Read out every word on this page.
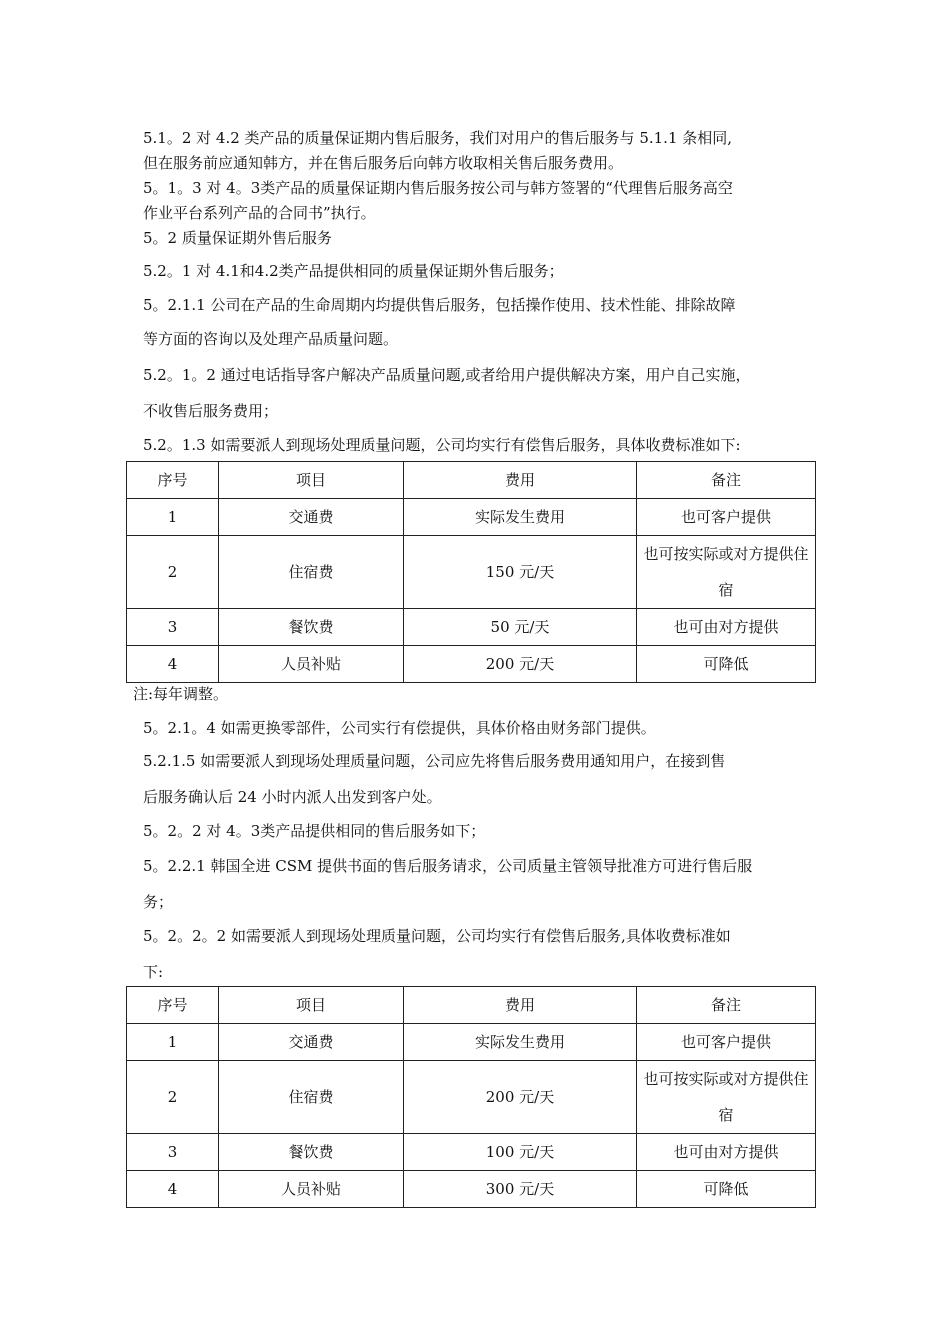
5.1。2 对 4.2 类产品的质量保证期内售后服务，我们对用户的售后服务与 5.1.1 条相同,
但在服务前应通知韩方，并在售后服务后向韩方收取相关售后服务费用。
5。1。3 对 4。3类产品的质量保证期内售后服务按公司与韩方签署的“代理售后服务高空
作业平台系列产品的合同书”执行。
5。2 质量保证期外售后服务
5.2。1 对 4.1和4.2类产品提供相同的质量保证期外售后服务；
5。2.1.1 公司在产品的生命周期内均提供售后服务，包括操作使用、技术性能、排除故障
等方面的咨询以及处理产品质量问题。
5.2。1。2 通过电话指导客户解决产品质量问题,或者给用户提供解决方案，用户自己实施，
不收售后服务费用；
5.2。1.3 如需要派人到现场处理质量问题，公司均实行有偿售后服务，具体收费标准如下:
注:每年调整。
5。2.1。4 如需更换零部件，公司实行有偿提供，具体价格由财务部门提供。
5.2.1.5 如需要派人到现场处理质量问题，公司应先将售后服务费用通知用户，在接到售
后服务确认后 24 小时内派人出发到客户处。
5。2。2 对 4。3类产品提供相同的售后服务如下；
5。2.2.1 韩国全进 CSM 提供书面的售后服务请求，公司质量主管领导批准方可进行售后服
务；
5。2。2。2 如需要派人到现场处理质量问题，公司均实行有偿售后服务,具体收费标准如
下:
序号	项目	费用	备注
1	交通费	实际发生费用	也可客户提供
2	住宿费	150 元/天	也可按实际或对方提供住宿
3	餐饮费	50 元/天	也可由对方提供
4	人员补贴	200 元/天	可降低
序号	项目	费用	备注
1	交通费	实际发生费用	也可客户提供
2	住宿费	200 元/天	也可按实际或对方提供住宿
3	餐饮费	100 元/天	也可由对方提供
4	人员补贴	300 元/天	可降低
